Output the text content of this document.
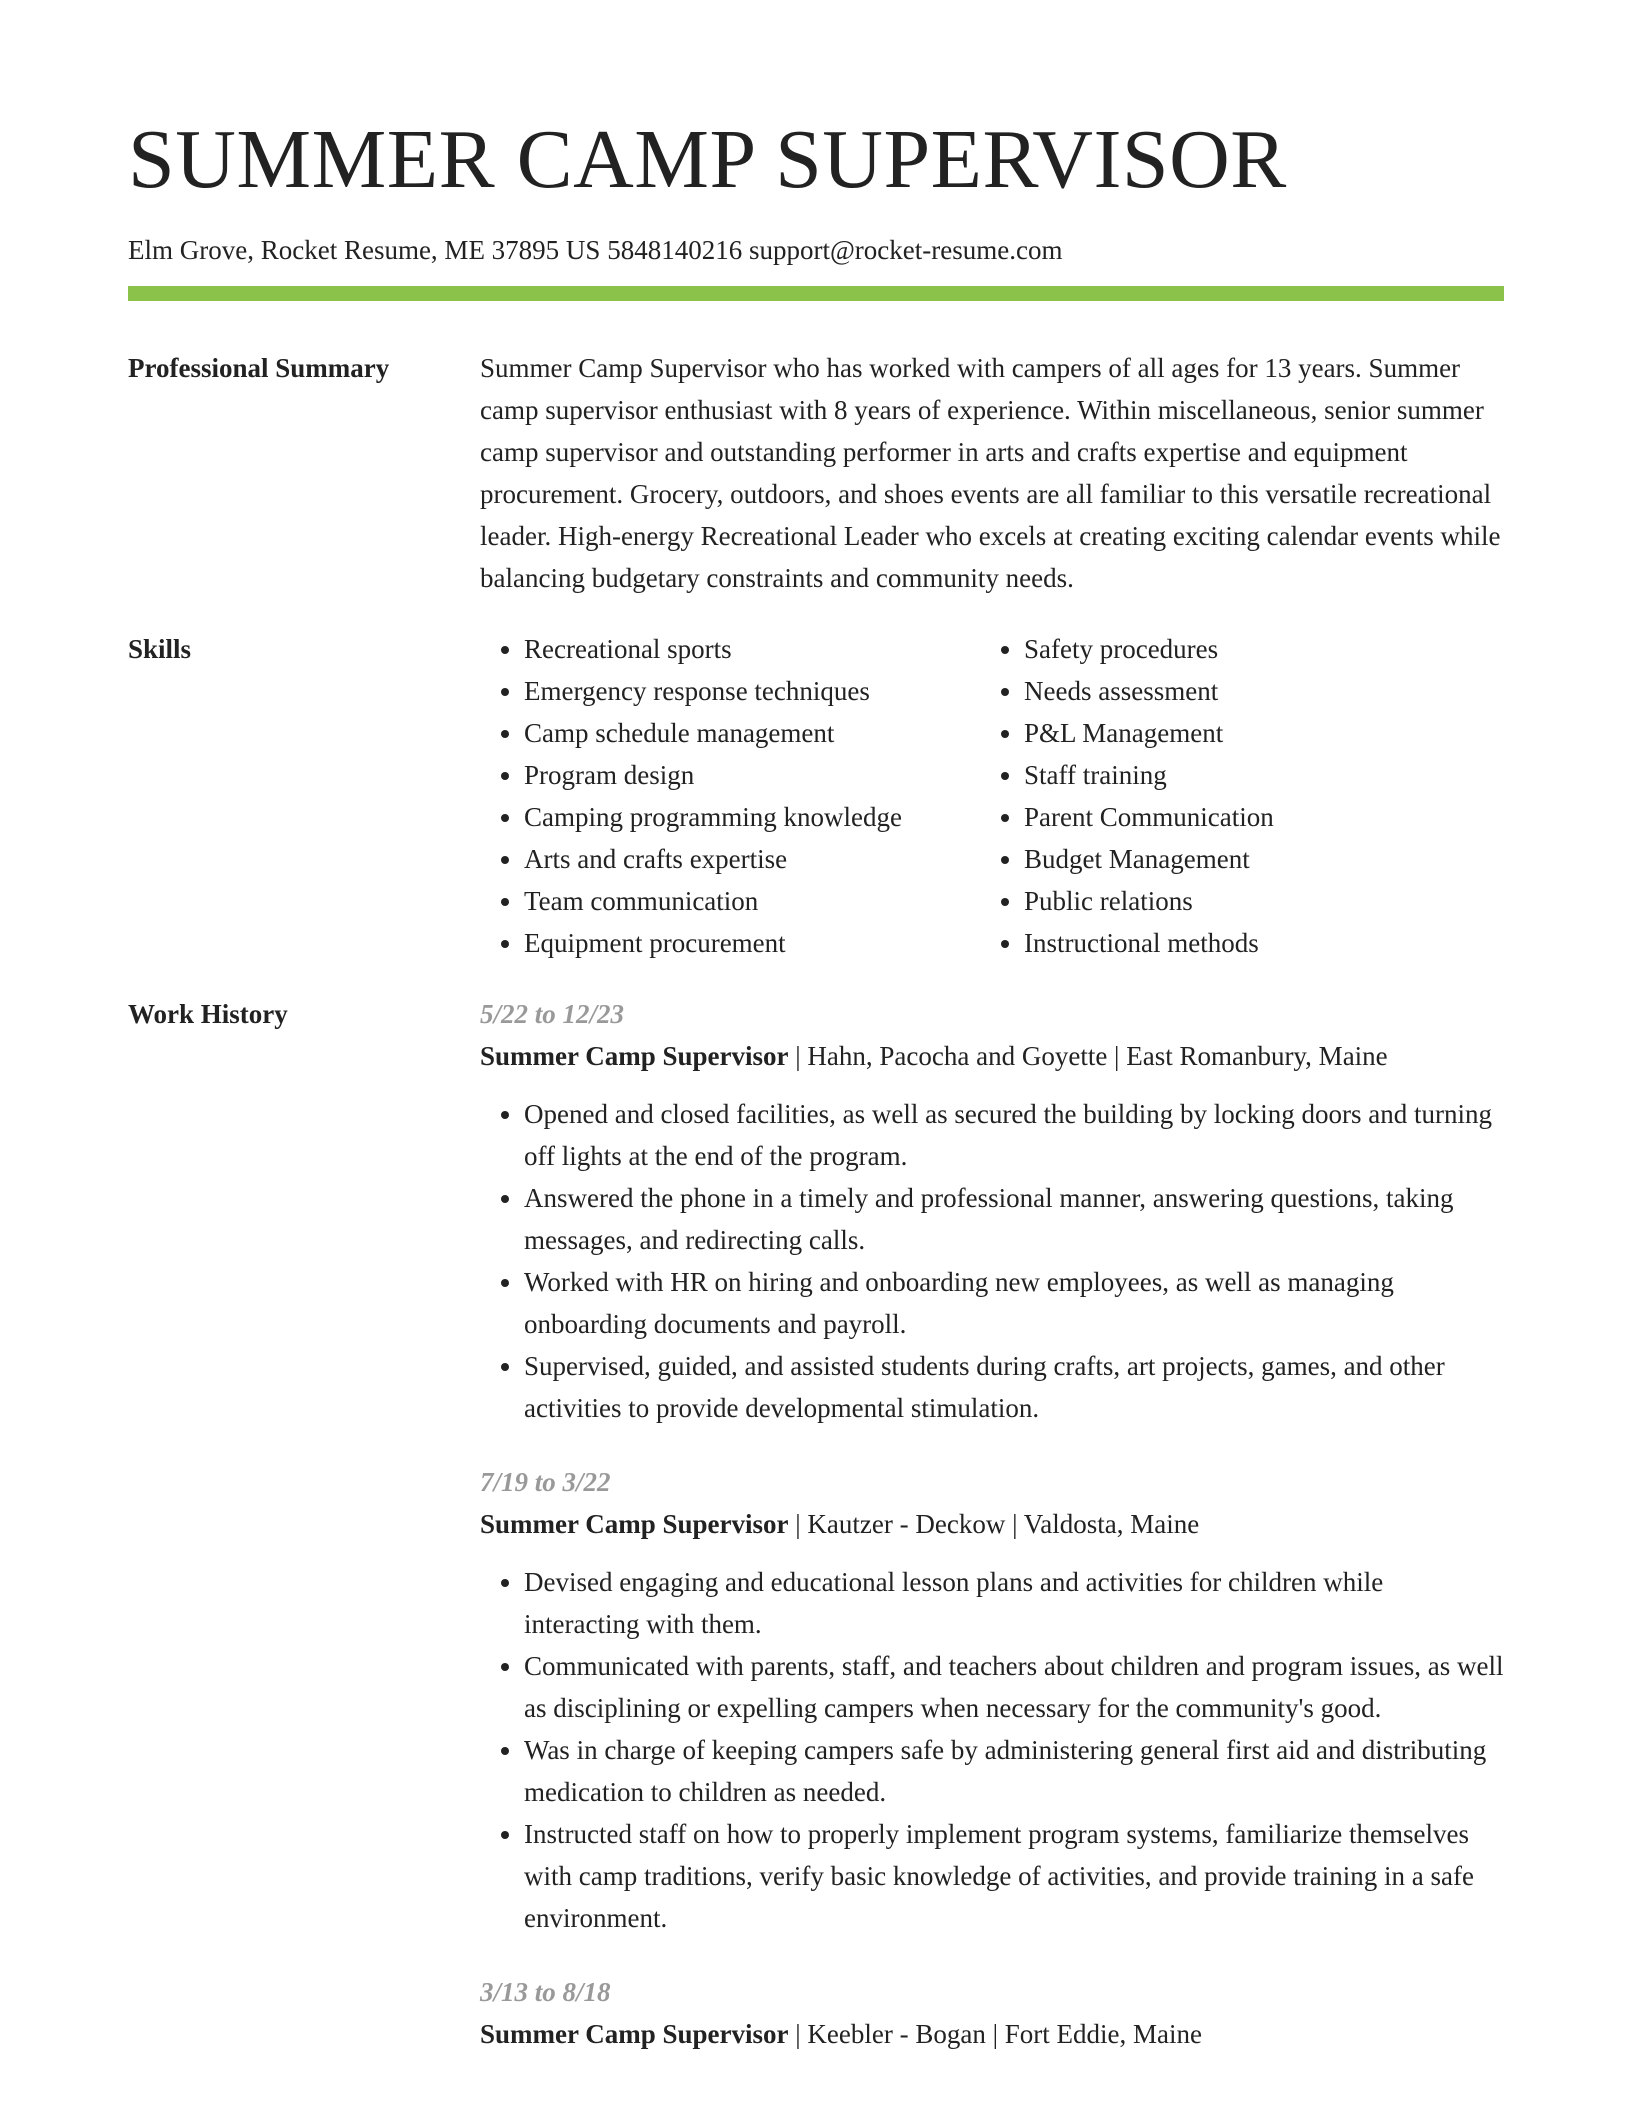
SUMMER CAMP SUPERVISOR
Elm Grove, Rocket Resume, ME 37895 US 5848140216 support@rocket-resume.com
Professional Summary	Summer Camp Supervisor who has worked with campers of all ages for 13 years. Summer camp supervisor enthusiast with 8 years of experience. Within miscellaneous, senior summer camp supervisor and outstanding performer in arts and crafts expertise and equipment procurement. Grocery, outdoors, and shoes events are all familiar to this versatile recreational leader. High-energy Recreational Leader who excels at creating exciting calendar events while balancing budgetary constraints and community needs.

Skills
•	Recreational sports
• Emergency response techniques
• Camp schedule management
• Program design
• Camping programming knowledge
• Arts and crafts expertise
• Team communication
• Equipment procurement
• Safety procedures
• Needs assessment
• P&L Management
• Staff training
• Parent Communication
• Budget Management
• Public relations
• Instructional methods
Work History	5/22 to 12/23
Summer Camp Supervisor | Hahn, Pacocha and Goyette | East Romanbury, Maine
• Opened and closed facilities, as well as secured the building by locking doors and turning off lights at the end of the program.
• Answered the phone in a timely and professional manner, answering questions, taking messages, and redirecting calls.
• Worked with HR on hiring and onboarding new employees, as well as managing onboarding documents and payroll.
• Supervised, guided, and assisted students during crafts, art projects, games, and other activities to provide developmental stimulation.
7/19 to 3/22
Summer Camp Supervisor | Kautzer - Deckow | Valdosta, Maine
• Devised engaging and educational lesson plans and activities for children while interacting with them.
• Communicated with parents, staff, and teachers about children and program issues, as well as disciplining or expelling campers when necessary for the community's good.
• Was in charge of keeping campers safe by administering general first aid and distributing medication to children as needed.
• Instructed staff on how to properly implement program systems, familiarize themselves with camp traditions, verify basic knowledge of activities, and provide training in a safe environment.
3/13 to 8/18
Summer Camp Supervisor | Keebler - Bogan | Fort Eddie, Maine
